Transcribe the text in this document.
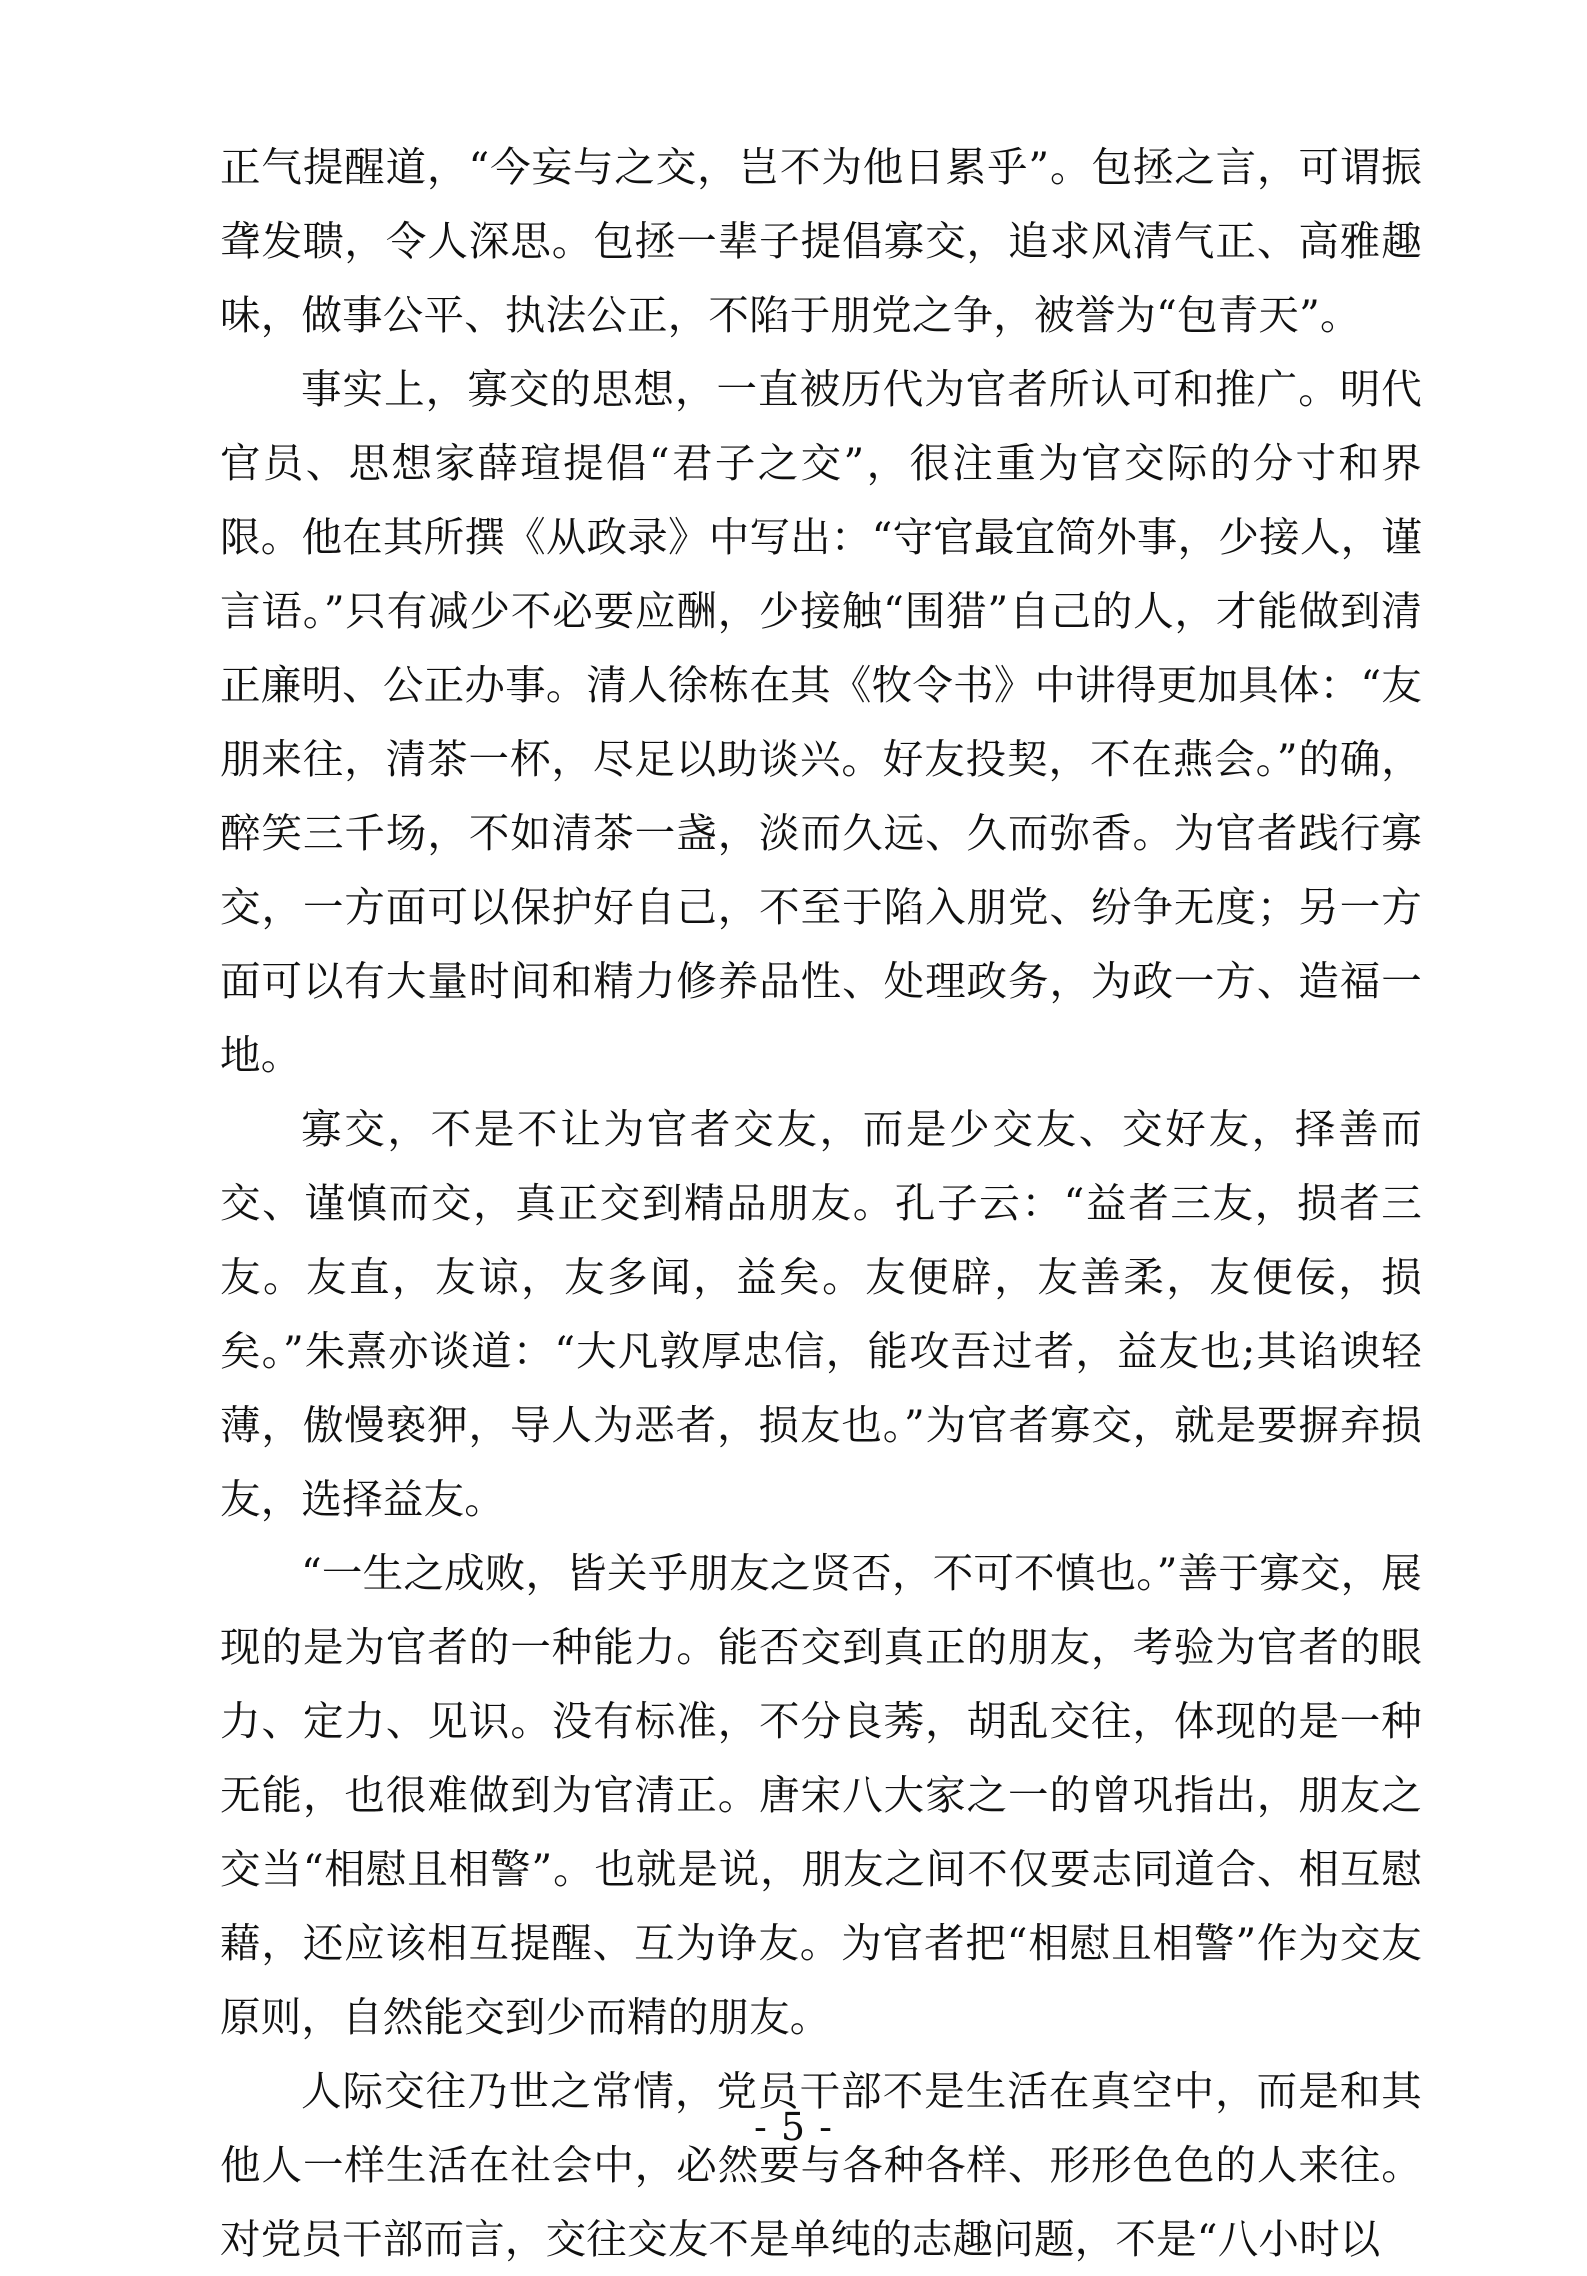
正气提醒道，“今妄与之交，岂不为他日累乎”。包拯之言，可谓振聋发聩，令人深思。包拯一辈子提倡寡交，追求风清气正、高雅趣味，做事公平、执法公正，不陷于朋党之争，被誉为“包青天”。

事实上，寡交的思想，一直被历代为官者所认可和推广。明代官员、思想家薛瑄提倡“君子之交”，很注重为官交际的分寸和界限。他在其所撰《从政录》中写出：“守官最宜简外事，少接人，谨言语。”只有减少不必要应酬，少接触“围猎”自己的人，才能做到清正廉明、公正办事。清人徐栋在其《牧令书》中讲得更加具体：“友朋来往，清茶一杯，尽足以助谈兴。好友投契，不在燕会。”的确，醉笑三千场，不如清茶一盏，淡而久远、久而弥香。为官者践行寡交，一方面可以保护好自己，不至于陷入朋党、纷争无度；另一方面可以有大量时间和精力修养品性、处理政务，为政一方、造福一地。

寡交，不是不让为官者交友，而是少交友、交好友，择善而交、谨慎而交，真正交到精品朋友。孔子云：“益者三友，损者三友。友直，友谅，友多闻，益矣。友便辟，友善柔，友便佞，损矣。”朱熹亦谈道：“大凡敦厚忠信，能攻吾过者，益友也;其谄谀轻薄，傲慢亵狎，导人为恶者，损友也。”为官者寡交，就是要摒弃损友，选择益友。

“一生之成败，皆关乎朋友之贤否，不可不慎也。”善于寡交，展现的是为官者的一种能力。能否交到真正的朋友，考验为官者的眼力、定力、见识。没有标准，不分良莠，胡乱交往，体现的是一种无能，也很难做到为官清正。唐宋八大家之一的曾巩指出，朋友之交当“相慰且相警”。也就是说，朋友之间不仅要志同道合、相互慰藉，还应该相互提醒、互为诤友。为官者把“相慰且相警”作为交友原则，自然能交到少而精的朋友。

人际交往乃世之常情，党员干部不是生活在真空中，而是和其他人一样生活在社会中，必然要与各种各样、形形色色的人来往。对党员干部而言，交往交友不是单纯的志趣问题，不是“八小时以

- 5 -
